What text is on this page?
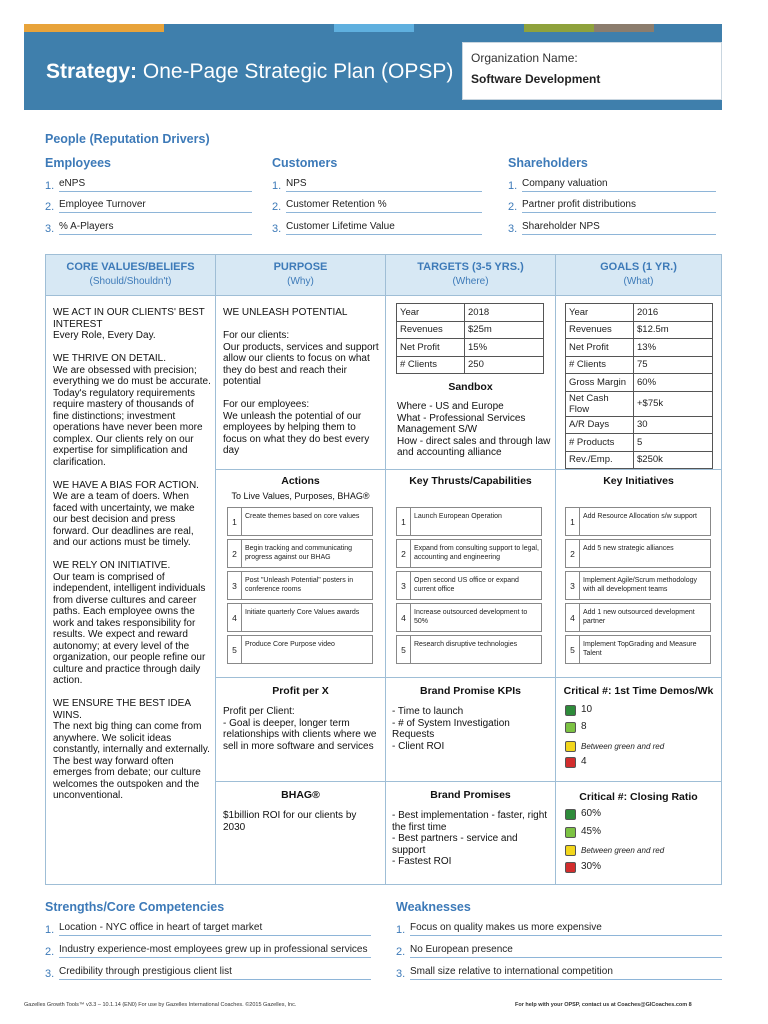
Strategy: One-Page Strategic Plan (OPSP)
Organization Name:
Software Development
People (Reputation Drivers)
Employees
1. eNPS
2. Employee Turnover
3. % A-Players
Customers
1. NPS
2. Customer Retention %
3. Customer Lifetime Value
Shareholders
1. Company valuation
2. Partner profit distributions
3. Shareholder NPS
CORE VALUES/BELIEFS
(Should/Shouldn't)
PURPOSE
(Why)
TARGETS (3-5 YRS.)
(Where)
GOALS (1 YR.)
(What)

WE ACT IN OUR CLIENTS' BEST INTEREST
Every Role, Every Day.

WE THRIVE ON DETAIL.
We are obsessed with precision; everything we do must be accurate. Today's regulatory requirements require mastery of thousands of fine distinctions; investment operations have never been more complex. Our clients rely on our expertise for simplification and clarification.

WE HAVE A BIAS FOR ACTION.
We are a team of doers. When faced with uncertainty, we make our best decision and press forward. Our deadlines are real, and our actions must be timely.

WE RELY ON INITIATIVE.
Our team is comprised of independent, intelligent individuals from diverse cultures and career paths. Each employee owns the work and takes responsibility for results. We expect and reward autonomy; at every level of the organization, our people refine our culture and practice through daily action.

WE ENSURE THE BEST IDEA WINS.
The next big thing can come from anywhere. We solicit ideas constantly, internally and externally. The best way forward often emerges from debate; our culture welcomes the outspoken and the unconventional.

WE UNLEASH POTENTIAL

For our clients:
Our products, services and support allow our clients to focus on what they do best and reach their potential

For our employees:
We unleash the potential of our employees by helping them to focus on what they do best every day

Year	2018
Revenues	$25m
Net Profit	15%
# Clients	250
Sandbox
Where - US and Europe
What - Professional Services Management S/W
How - direct sales and through law and accounting alliance
Year	2016
Revenues	$12.5m
Net Profit	13%
# Clients	75
Gross Margin	60%
Net Cash Flow	+$75k
A/R Days	30
# Products	5
Rev./Emp.	$250k
Actions
To Live Values, Purposes, BHAG®
1	Create themes based on core values
2	Begin tracking and communicating progress against our BHAG
3	Post "Unleash Potential" posters in conference rooms
4	Initiate quarterly Core Values awards
5	Produce Core Purpose video
Key Thrusts/Capabilities
1	Launch European Operation
2	Expand from consulting support to legal, accounting and engineering
3	Open second US office or expand current office
4	Increase outsourced development to 50%
5	Research disruptive technologies
Key Initiatives
1	Add Resource Allocation s/w support
2	Add 5 new strategic alliances
3	Implement Agile/Scrum methodology with all development teams
4	Add 1 new outsourced development partner
5	Implement TopGrading and Measure Talent
Profit per X
Profit per Client:
- Goal is deeper, longer term relationships with clients where we sell in more software and services
Brand Promise KPIs
- Time to launch
- # of System Investigation Requests
- Client ROI
Critical #: 1st Time Demos/Wk
10
8
Between green and red
4
BHAG®
$1billion ROI for our clients by 2030
Brand Promises
- Best implementation - faster, right the first time
- Best partners - service and support
- Fastest ROI
Critical #: Closing Ratio
60%
45%
Between green and red
30%
Strengths/Core Competencies
1. Location - NYC office in heart of target market
2. Industry experience-most employees grew up in professional services
3. Credibility through prestigious client list
Weaknesses
1. Focus on quality makes us more expensive
2. No European presence
3. Small size relative to international competition
Gazelles Growth Tools™ v3.3 – 10.1.14 (EN0) For use by Gazelles International Coaches. ©2015 Gazelles, Inc.	For help with your OPSP, contact us at Coaches@GICoaches.com 8
